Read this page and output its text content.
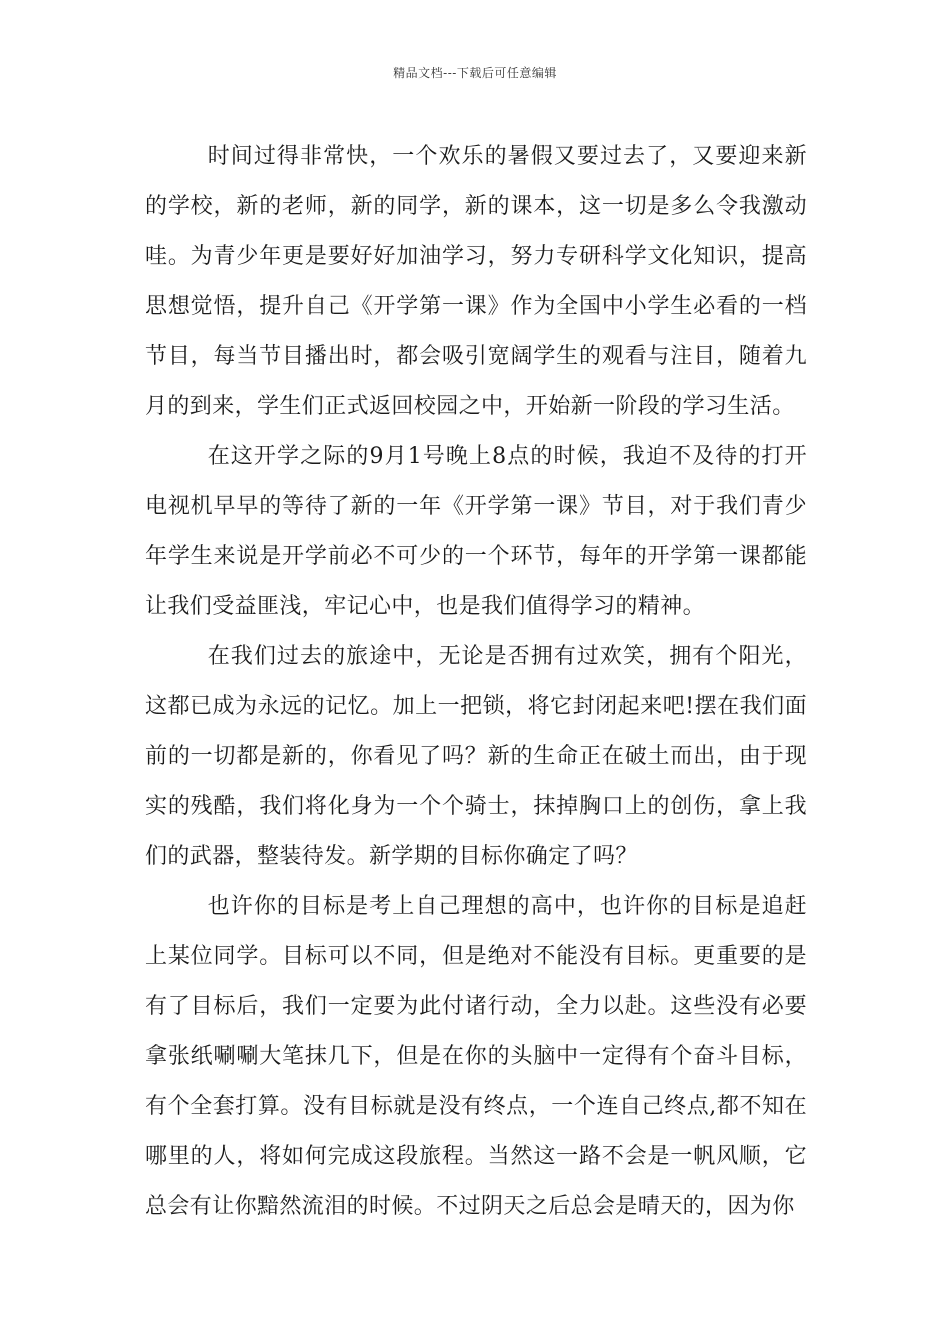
精品文档---下载后可任意编辑

时间过得非常快，一个欢乐的暑假又要过去了，又要迎来新的学校，新的老师，新的同学，新的课本，这一切是多么令我激动哇。为青少年更是要好好加油学习，努力专研科学文化知识，提高思想觉悟，提升自己《开学第一课》作为全国中小学生必看的一档节目，每当节目播出时，都会吸引宽阔学生的观看与注目，随着九月的到来，学生们正式返回校园之中，开始新一阶段的学习生活。

在这开学之际的9月1号晚上8点的时候，我迫不及待的打开电视机早早的等待了新的一年《开学第一课》节目，对于我们青少年学生来说是开学前必不可少的一个环节，每年的开学第一课都能让我们受益匪浅，牢记心中，也是我们值得学习的精神。

在我们过去的旅途中，无论是否拥有过欢笑，拥有个阳光，这都已成为永远的记忆。加上一把锁，将它封闭起来吧!摆在我们面前的一切都是新的，你看见了吗？新的生命正在破土而出，由于现实的残酷，我们将化身为一个个骑士，抹掉胸口上的创伤，拿上我们的武器，整装待发。新学期的目标你确定了吗？

也许你的目标是考上自己理想的高中，也许你的目标是追赶上某位同学。目标可以不同，但是绝对不能没有目标。更重要的是有了目标后，我们一定要为此付诸行动，全力以赴。这些没有必要拿张纸唰唰大笔抹几下，但是在你的头脑中一定得有个奋斗目标，有个全套打算。没有目标就是没有终点，一个连自己终点,都不知在哪里的人，将如何完成这段旅程。当然这一路不会是一帆风顺，它总会有让你黯然流泪的时候。不过阴天之后总会是晴天的，因为你
